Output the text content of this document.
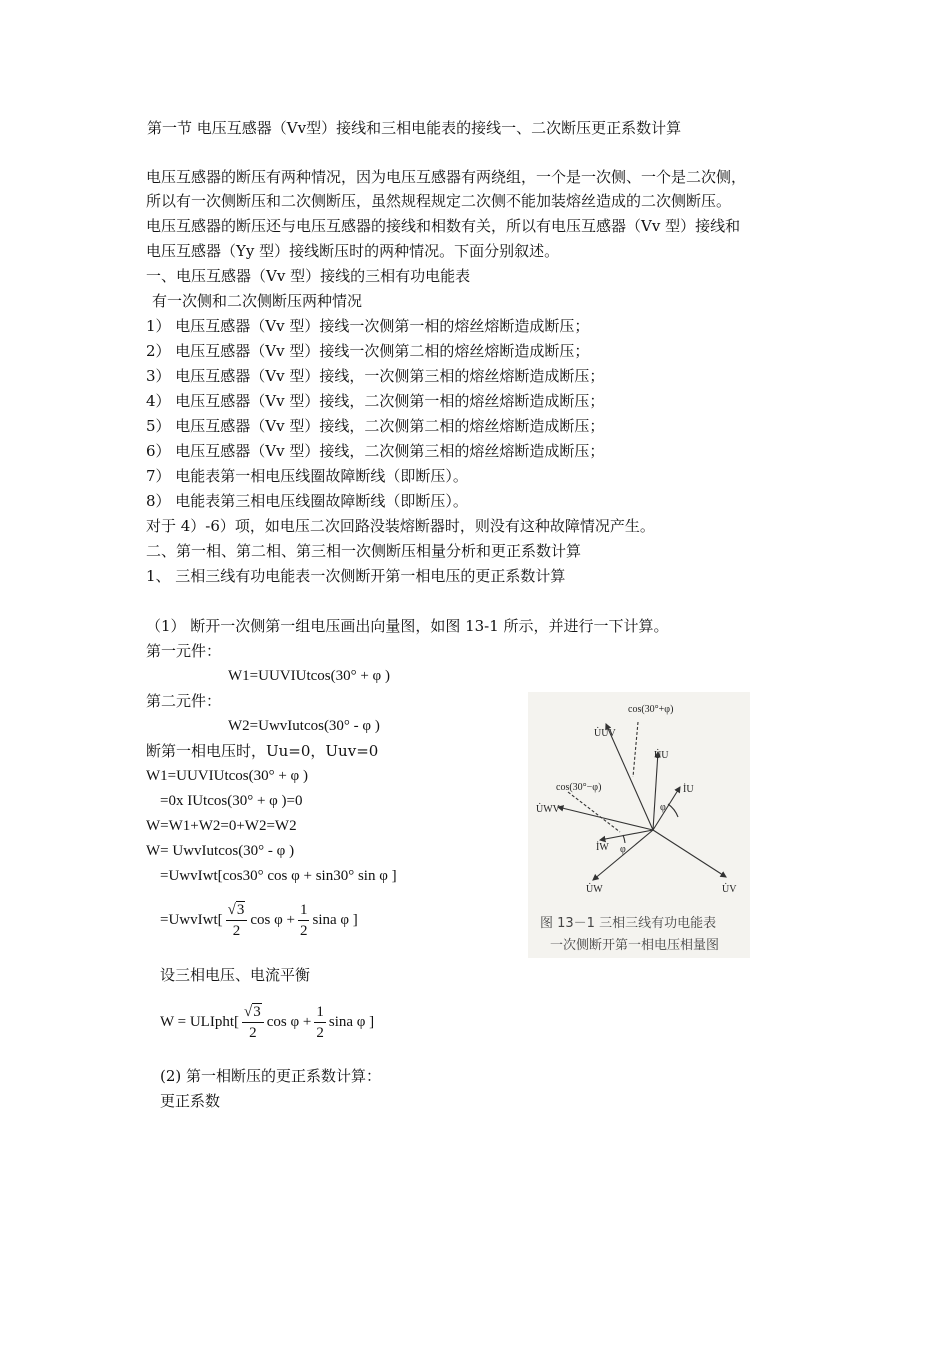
第一节 电压互感器（Vv型）接线和三相电能表的接线一、二次断压更正系数计算
电压互感器的断压有两种情况，因为电压互感器有两绕组，一个是一次侧、一个是二次侧，
所以有一次侧断压和二次侧断压，虽然规程规定二次侧不能加装熔丝造成的二次侧断压。
电压互感器的断压还与电压互感器的接线和相数有关，所以有电压互感器（Vv 型）接线和
电压互感器（Yy 型）接线断压时的两种情况。下面分别叙述。
一、电压互感器（Vv 型）接线的三相有功电能表
有一次侧和二次侧断压两种情况
1） 电压互感器（Vv 型）接线一次侧第一相的熔丝熔断造成断压；
2） 电压互感器（Vv 型）接线一次侧第二相的熔丝熔断造成断压；
3） 电压互感器（Vv 型）接线，一次侧第三相的熔丝熔断造成断压；
4） 电压互感器（Vv 型）接线，二次侧第一相的熔丝熔断造成断压；
5） 电压互感器（Vv 型）接线，二次侧第二相的熔丝熔断造成断压；
6） 电压互感器（Vv 型）接线，二次侧第三相的熔丝熔断造成断压；
7） 电能表第一相电压线圈故障断线（即断压）。
8） 电能表第三相电压线圈故障断线（即断压）。
对于 4）-6）项，如电压二次回路没装熔断器时，则没有这种故障情况产生。
二、第一相、第二相、第三相一次侧断压相量分析和更正系数计算
1、 三相三线有功电能表一次侧断开第一相电压的更正系数计算
（1） 断开一次侧第一组电压画出向量图，如图 13-1 所示，并进行一下计算。
第一元件：
W1=UUVIUtcos(30° + φ )
第二元件：
W2=UwvIutcos(30° - φ )
断第一相电压时，Uu=0，Uuv=0
W1=UUVIUtcos(30° + φ )
=0x IUtcos(30° + φ )=0
W=W1+W2=0+W2=W2
W= UwvIutcos(30° - φ )
=UwvIwt[cos30° cos φ + sin30° sin φ ]
=UwvIwt[ $\frac{√3}{2}$ $\cos \varphi + \frac{1}{2}$ sina φ ]
设三相电压、电流平衡
W = ULIpht[ $\frac{√3}{2}$ $\cos \varphi + \frac{1}{2}$ sina φ ]
(2) 第一相断压的更正系数计算：
更正系数
cos(30°+φ)
U̇UV
U̇U
İU
cos(30°−φ)
U̇WV	φ
İW φ
U̇W	U̇V
图 13－1 三相三线有功电能表
一次侧断开第一相电压相量图
